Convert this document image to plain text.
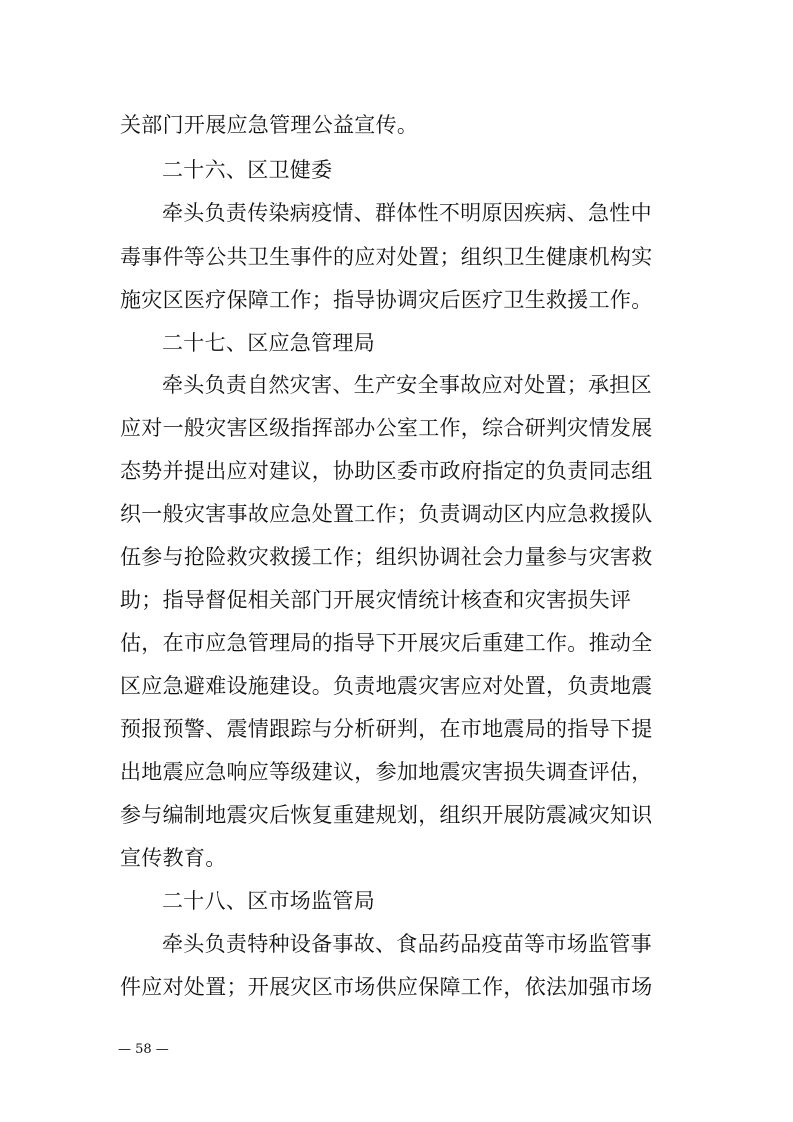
关部门开展应急管理公益宣传。
二十六、区卫健委
牵头负责传染病疫情、群体性不明原因疾病、急性中
毒事件等公共卫生事件的应对处置；组织卫生健康机构实
施灾区医疗保障工作；指导协调灾后医疗卫生救援工作。
二十七、区应急管理局
牵头负责自然灾害、生产安全事故应对处置；承担区
应对一般灾害区级指挥部办公室工作，综合研判灾情发展
态势并提出应对建议，协助区委市政府指定的负责同志组
织一般灾害事故应急处置工作；负责调动区内应急救援队
伍参与抢险救灾救援工作；组织协调社会力量参与灾害救
助；指导督促相关部门开展灾情统计核查和灾害损失评
估，在市应急管理局的指导下开展灾后重建工作。推动全
区应急避难设施建设。负责地震灾害应对处置，负责地震
预报预警、震情跟踪与分析研判，在市地震局的指导下提
出地震应急响应等级建议，参加地震灾害损失调查评估，
参与编制地震灾后恢复重建规划，组织开展防震减灾知识
宣传教育。
二十八、区市场监管局
牵头负责特种设备事故、食品药品疫苗等市场监管事
件应对处置；开展灾区市场供应保障工作，依法加强市场
— 58 —
